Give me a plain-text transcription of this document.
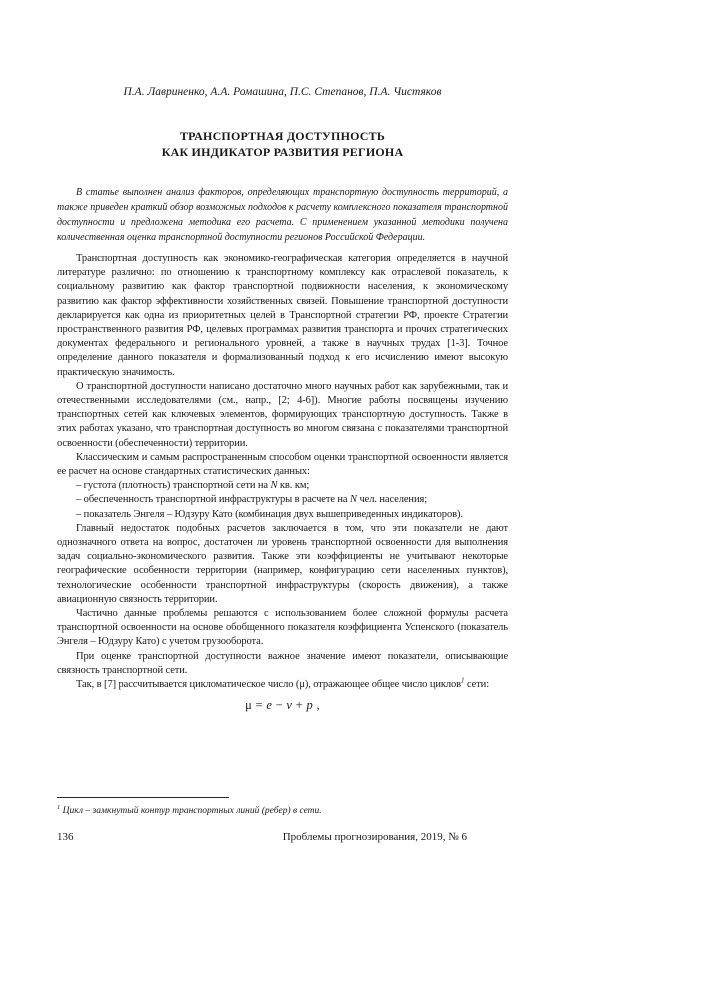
П.А. Лавриненко, А.А. Ромашина, П.С. Степанов, П.А. Чистяков
ТРАНСПОРТНАЯ ДОСТУПНОСТЬ
КАК ИНДИКАТОР РАЗВИТИЯ РЕГИОНА
В статье выполнен анализ факторов, определяющих транспортную доступность территорий, а также приведен краткий обзор возможных подходов к расчету комплексного показателя транспортной доступности и предложена методика его расчета. С применением указанной методики получена количественная оценка транспортной доступности регионов Российской Федерации.

Транспортная доступность как экономико-географическая категория определяется в научной литературе различно: по отношению к транспортному комплексу как отраслевой показатель, к социальному развитию как фактор транспортной подвижности населения, к экономическому развитию как фактор эффективности хозяйственных связей. Повышение транспортной доступности декларируется как одна из приоритетных целей в Транспортной стратегии РФ, проекте Стратегии пространственного развития РФ, целевых программах развития транспорта и прочих стратегических документах федерального и регионального уровней, а также в научных трудах [1-3]. Точное определение данного показателя и формализованный подход к его исчислению имеют высокую практическую значимость.

О транспортной доступности написано достаточно много научных работ как зарубежными, так и отечественными исследователями (см., напр., [2; 4-6]). Многие работы посвящены изучению транспортных сетей как ключевых элементов, формирующих транспортную доступность. Также в этих работах указано, что транспортная доступность во многом связана с показателями транспортной освоенности (обеспеченности) территории.

Классическим и самым распространенным способом оценки транспортной освоенности является ее расчет на основе стандартных статистических данных:

– густота (плотность) транспортной сети на N кв. км;

– обеспеченность транспортной инфраструктуры в расчете на N чел. населения;

– показатель Энгеля – Юдзуру Като (комбинация двух вышеприведенных индикаторов).

Главный недостаток подобных расчетов заключается в том, что эти показатели не дают однозначного ответа на вопрос, достаточен ли уровень транспортной освоенности для выполнения задач социально-экономического развития. Также эти коэффициенты не учитывают некоторые географические особенности территории (например, конфигурацию сети населенных пунктов), технологические особенности транспортной инфраструктуры (скорость движения), а также авиационную связность территории.

Частично данные проблемы решаются с использованием более сложной формулы расчета транспортной освоенности на основе обобщенного показателя коэффициента Успенского (показатель Энгеля – Юдзуру Като) с учетом грузооборота.

При оценке транспортной доступности важное значение имеют показатели, описывающие связность транспортной сети.

Так, в [7] рассчитывается цикломатическое число (μ), отражающее общее число циклов$^1$ сети:

μ = e − v + p ,
$^1$ Цикл – замкнутый контур транспортных линий (ребер) в сети.
136	Проблемы прогнозирования, 2019, № 6
